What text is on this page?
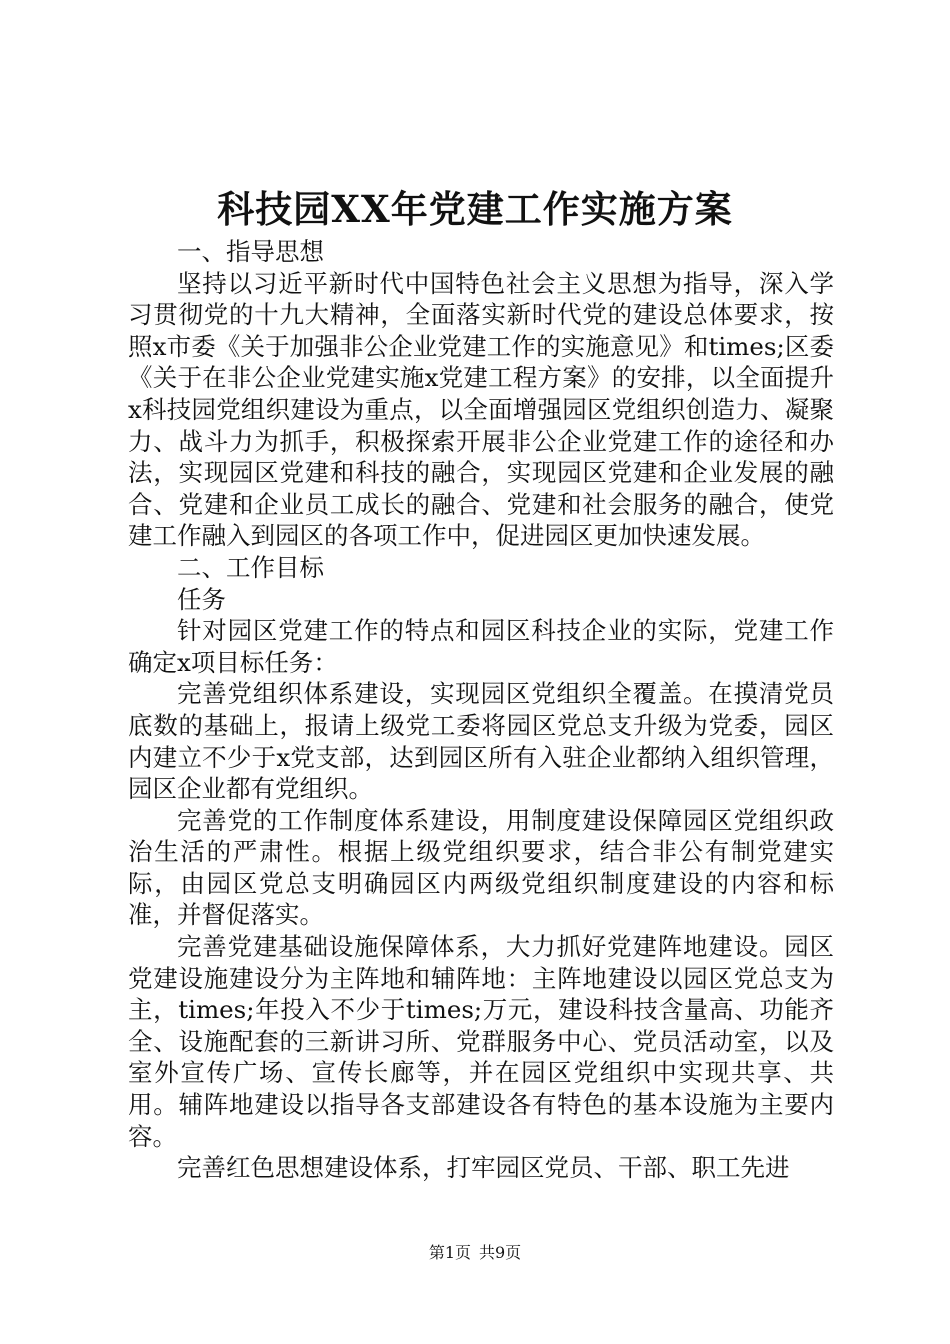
科技园XX年党建工作实施方案

一、指导思想

坚持以习近平新时代中国特色社会主义思想为指导，深入学习贯彻党的十九大精神，全面落实新时代党的建设总体要求，按照x市委《关于加强非公企业党建工作的实施意见》和times;区委《关于在非公企业党建实施x党建工程方案》的安排，以全面提升x科技园党组织建设为重点，以全面增强园区党组织创造力、凝聚力、战斗力为抓手，积极探索开展非公企业党建工作的途径和办法，实现园区党建和科技的融合，实现园区党建和企业发展的融合、党建和企业员工成长的融合、党建和社会服务的融合，使党建工作融入到园区的各项工作中，促进园区更加快速发展。

二、工作目标

任务

针对园区党建工作的特点和园区科技企业的实际，党建工作确定x项目标任务：

完善党组织体系建设，实现园区党组织全覆盖。在摸清党员底数的基础上，报请上级党工委将园区党总支升级为党委，园区内建立不少于x党支部，达到园区所有入驻企业都纳入组织管理，园区企业都有党组织。

完善党的工作制度体系建设，用制度建设保障园区党组织政治生活的严肃性。根据上级党组织要求，结合非公有制党建实际，由园区党总支明确园区内两级党组织制度建设的内容和标准，并督促落实。

完善党建基础设施保障体系，大力抓好党建阵地建设。园区党建设施建设分为主阵地和辅阵地：主阵地建设以园区党总支为主，times;年投入不少于times;万元，建设科技含量高、功能齐全、设施配套的三新讲习所、党群服务中心、党员活动室，以及室外宣传广场、宣传长廊等，并在园区党组织中实现共享、共用。辅阵地建设以指导各支部建设各有特色的基本设施为主要内容。

完善红色思想建设体系，打牢园区党员、干部、职工先进

第1页 共9页
